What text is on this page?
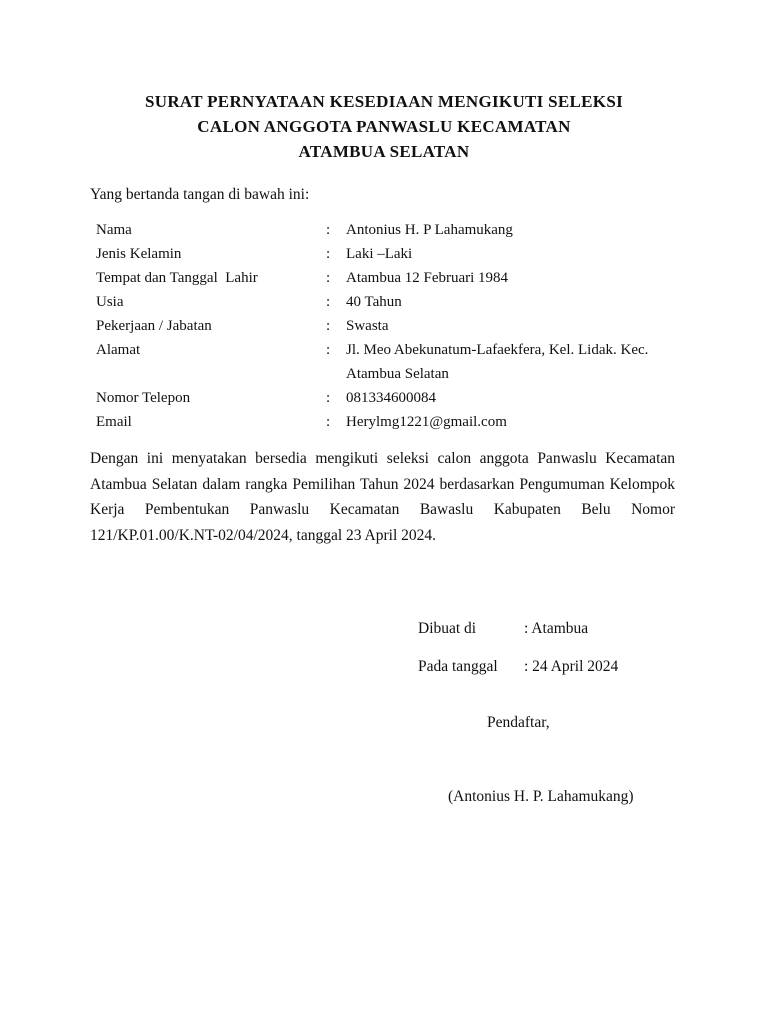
SURAT PERNYATAAN KESEDIAAN MENGIKUTI SELEKSI
CALON ANGGOTA PANWASLU KECAMATAN
ATAMBUA SELATAN
Yang bertanda tangan di bawah ini:
Nama	: Antonius H. P Lahamukang
Jenis Kelamin	: Laki –Laki
Tempat dan Tanggal  Lahir	: Atambua 12 Februari 1984
Usia	: 40 Tahun
Pekerjaan / Jabatan	: Swasta
Alamat	: Jl. Meo Abekunatum-Lafaekfera, Kel. Lidak. Kec. Atambua Selatan
Nomor Telepon	: 081334600084
Email	: Herylmg1221@gmail.com
Dengan ini menyatakan bersedia mengikuti seleksi calon anggota Panwaslu Kecamatan Atambua Selatan dalam rangka Pemilihan Tahun 2024 berdasarkan Pengumuman Kelompok Kerja Pembentukan Panwaslu Kecamatan Bawaslu Kabupaten Belu Nomor 121/KP.01.00/K.NT-02/04/2024, tanggal 23 April 2024.
Dibuat di	: Atambua
Pada tanggal : 24 April 2024
Pendaftar,
(Antonius H. P. Lahamukang)
